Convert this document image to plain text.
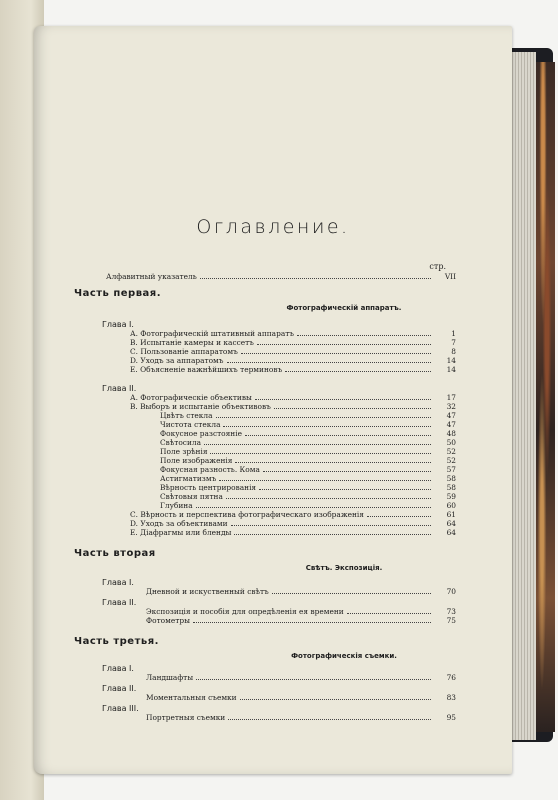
Оглавление.
стр.
Алфавитный указатель	VII
Часть первая.
Фотографическiй аппаратъ.
Глава I.
А. Фотографическiй штативный аппаратъ	1
В. Испытанiе камеры и кассетъ	7
С. Пользованiе аппаратомъ	8
D. Уходъ за аппаратомъ	14
Е. Объясненiе важнѣйшихъ терминовъ	14
Глава II.
А. Фотографическiе объективы	17
В. Выборъ и испытанiе объективовъ	32
Цвѣтъ стекла	47
Чистота стекла	47
Фокусное разстоянiе	48
Свѣтосила	50
Поле зрѣнiя	52
Поле изображенiя	52
Фокусная разность. Кома	57
Астигматизмъ	58
Вѣрность центрированiя	58
Свѣтовыя пятна	59
Глубина	60
С. Вѣрность и перспектива фотографическаго изображенiя	61
D. Уходъ за объективами	64
Е. Дiафрагмы или бленды	64
Часть вторая
Свѣтъ. Экспозицiя.
Глава I.
Дневной и искуственный свѣтъ	70
Глава II.
Экспозицiя и пособiя для опредѣленiя ея времени	73
Фотометры	75
Часть третья.
Фотографическiя съемки.
Глава I.
Ландшафты	76
Глава II.
Моментальныя съемки	83
Глава III.
Портретныя съемки	95
